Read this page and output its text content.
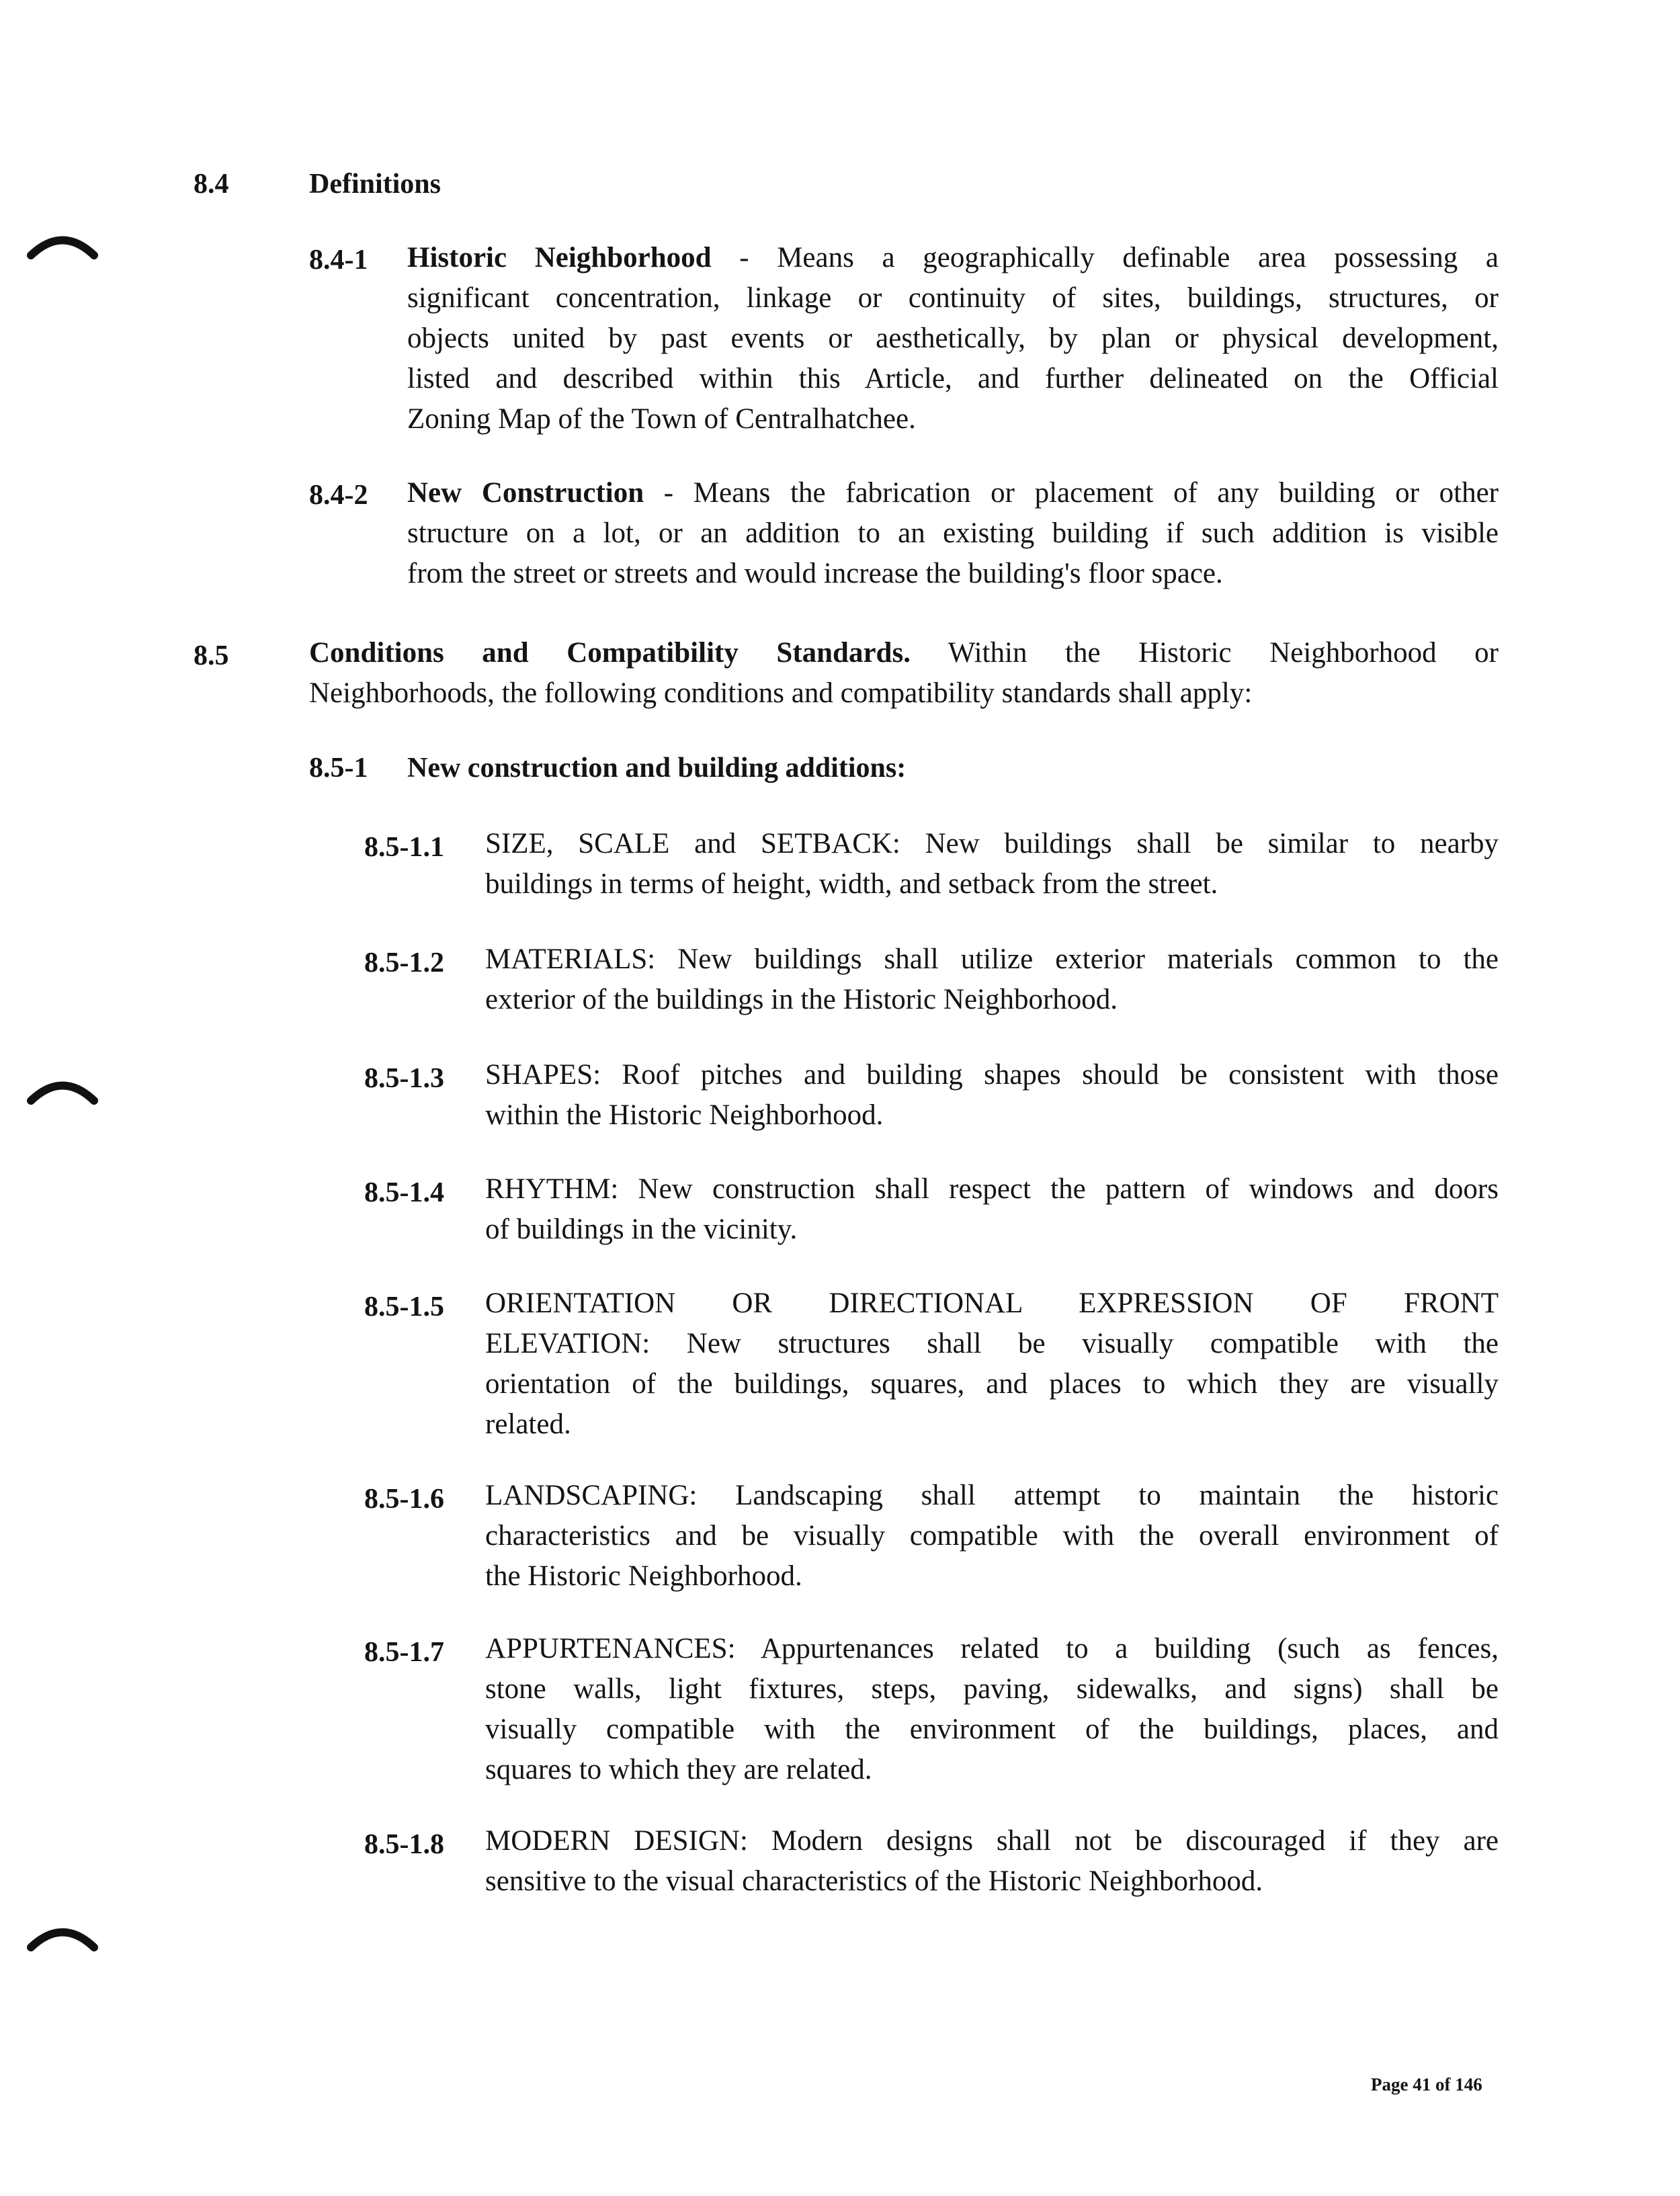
8.4	Definitions
8.4-1 Historic Neighborhood - Means a geographically definable area possessing a
significant concentration, linkage or continuity of sites, buildings, structures, or
objects united by past events or aesthetically, by plan or physical development,
listed and described within this Article, and further delineated on the Official
Zoning Map of the Town of Centralhatchee.
8.4-2 New Construction - Means the fabrication or placement of any building or other
structure on a lot, or an addition to an existing building if such addition is visible
from the street or streets and would increase the building's floor space.
8.5	Conditions and Compatibility Standards. Within the Historic Neighborhood or
Neighborhoods, the following conditions and compatibility standards shall apply:
8.5-1 New construction and building additions:
8.5-1.1 SIZE, SCALE and SETBACK: New buildings shall be similar to nearby
buildings in terms of height, width, and setback from the street.
8.5-1.2 MATERIALS: New buildings shall utilize exterior materials common to the
exterior of the buildings in the Historic Neighborhood.
8.5-1.3 SHAPES: Roof pitches and building shapes should be consistent with those
within the Historic Neighborhood.
8.5-1.4 RHYTHM: New construction shall respect the pattern of windows and doors
of buildings in the vicinity.
8.5-1.5 ORIENTATION OR DIRECTIONAL EXPRESSION OF FRONT
ELEVATION: New structures shall be visually compatible with the
orientation of the buildings, squares, and places to which they are visually
related.
8.5-1.6 LANDSCAPING: Landscaping shall attempt to maintain the historic
characteristics and be visually compatible with the overall environment of
the Historic Neighborhood.
8.5-1.7 APPURTENANCES: Appurtenances related to a building (such as fences,
stone walls, light fixtures, steps, paving, sidewalks, and signs) shall be
visually compatible with the environment of the buildings, places, and
squares to which they are related.
8.5-1.8 MODERN DESIGN: Modern designs shall not be discouraged if they are
sensitive to the visual characteristics of the Historic Neighborhood.
Page 41 of 146
